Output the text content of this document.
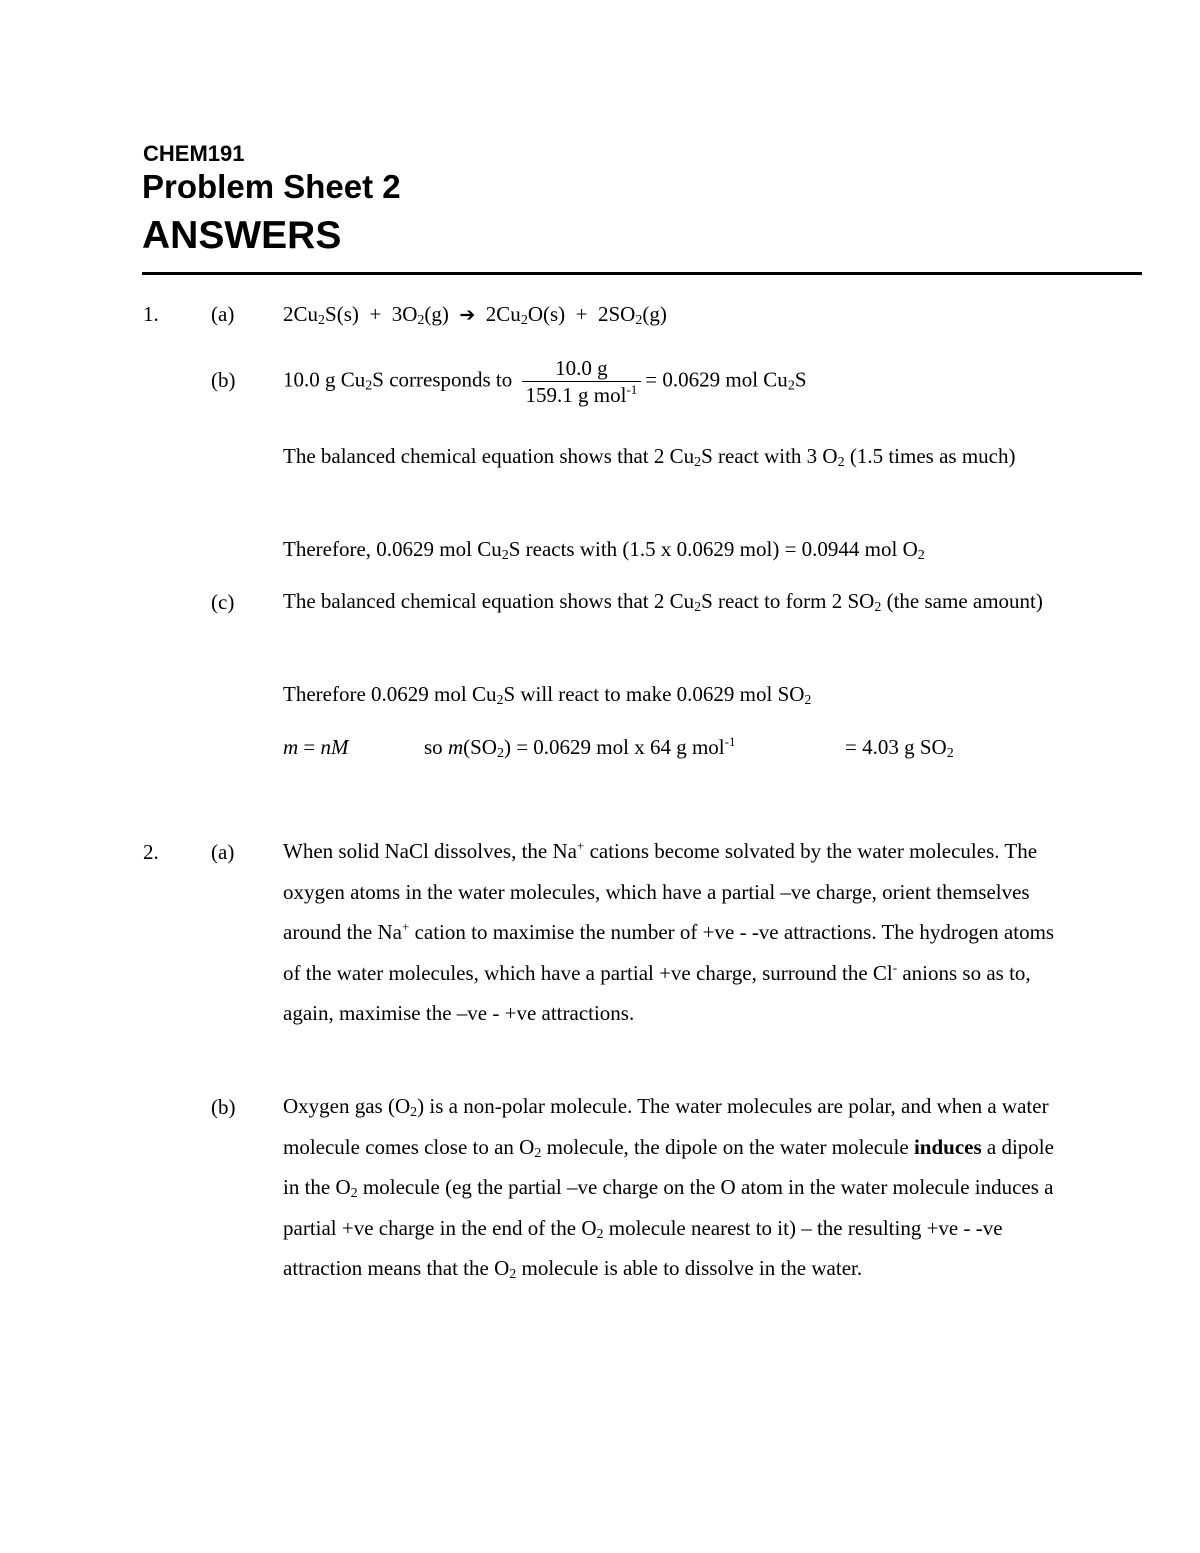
CHEM191
Problem Sheet 2
ANSWERS
1. (a) $2Cu_2S(s) + 3O_2(g)$ ➔ $2Cu_2O(s) + 2SO_2(g)$
(b) 10.0 g $Cu_2S$ corresponds to $\frac{10.0 g}{159.1 g mol^{-1}} = 0.0629$ mol $Cu_2S$
The balanced chemical equation shows that 2 $Cu_2S$ react with 3 $O_2$ (1.5 times as much)
Therefore, 0.0629 mol $Cu_2S$ reacts with (1.5 x 0.0629 mol) = 0.0944 mol $O_2$
(c) The balanced chemical equation shows that 2 $Cu_2S$ react to form 2 $SO_2$ (the same amount)
Therefore 0.0629 mol $Cu_2S$ will react to make 0.0629 mol $SO_2$
m = nM	so $m(SO_2) = 0.0629$ mol x 64 g mol$^{-1}$	= 4.03 g $SO_2$
2. (a) When solid NaCl dissolves, the Na+ cations become solvated by the water molecules. The oxygen atoms in the water molecules, which have a partial –ve charge, orient themselves around the Na+ cation to maximise the number of +ve - -ve attractions. The hydrogen atoms of the water molecules, which have a partial +ve charge, surround the Cl- anions so as to, again, maximise the –ve - +ve attractions.
(b) Oxygen gas $(O_2)$ is a non-polar molecule. The water molecules are polar, and when a water molecule comes close to an $O_2$ molecule, the dipole on the water molecule induces a dipole in the $O_2$ molecule (eg the partial –ve charge on the O atom in the water molecule induces a partial +ve charge in the end of the $O_2$ molecule nearest to it) – the resulting +ve - -ve attraction means that the $O_2$ molecule is able to dissolve in the water.
